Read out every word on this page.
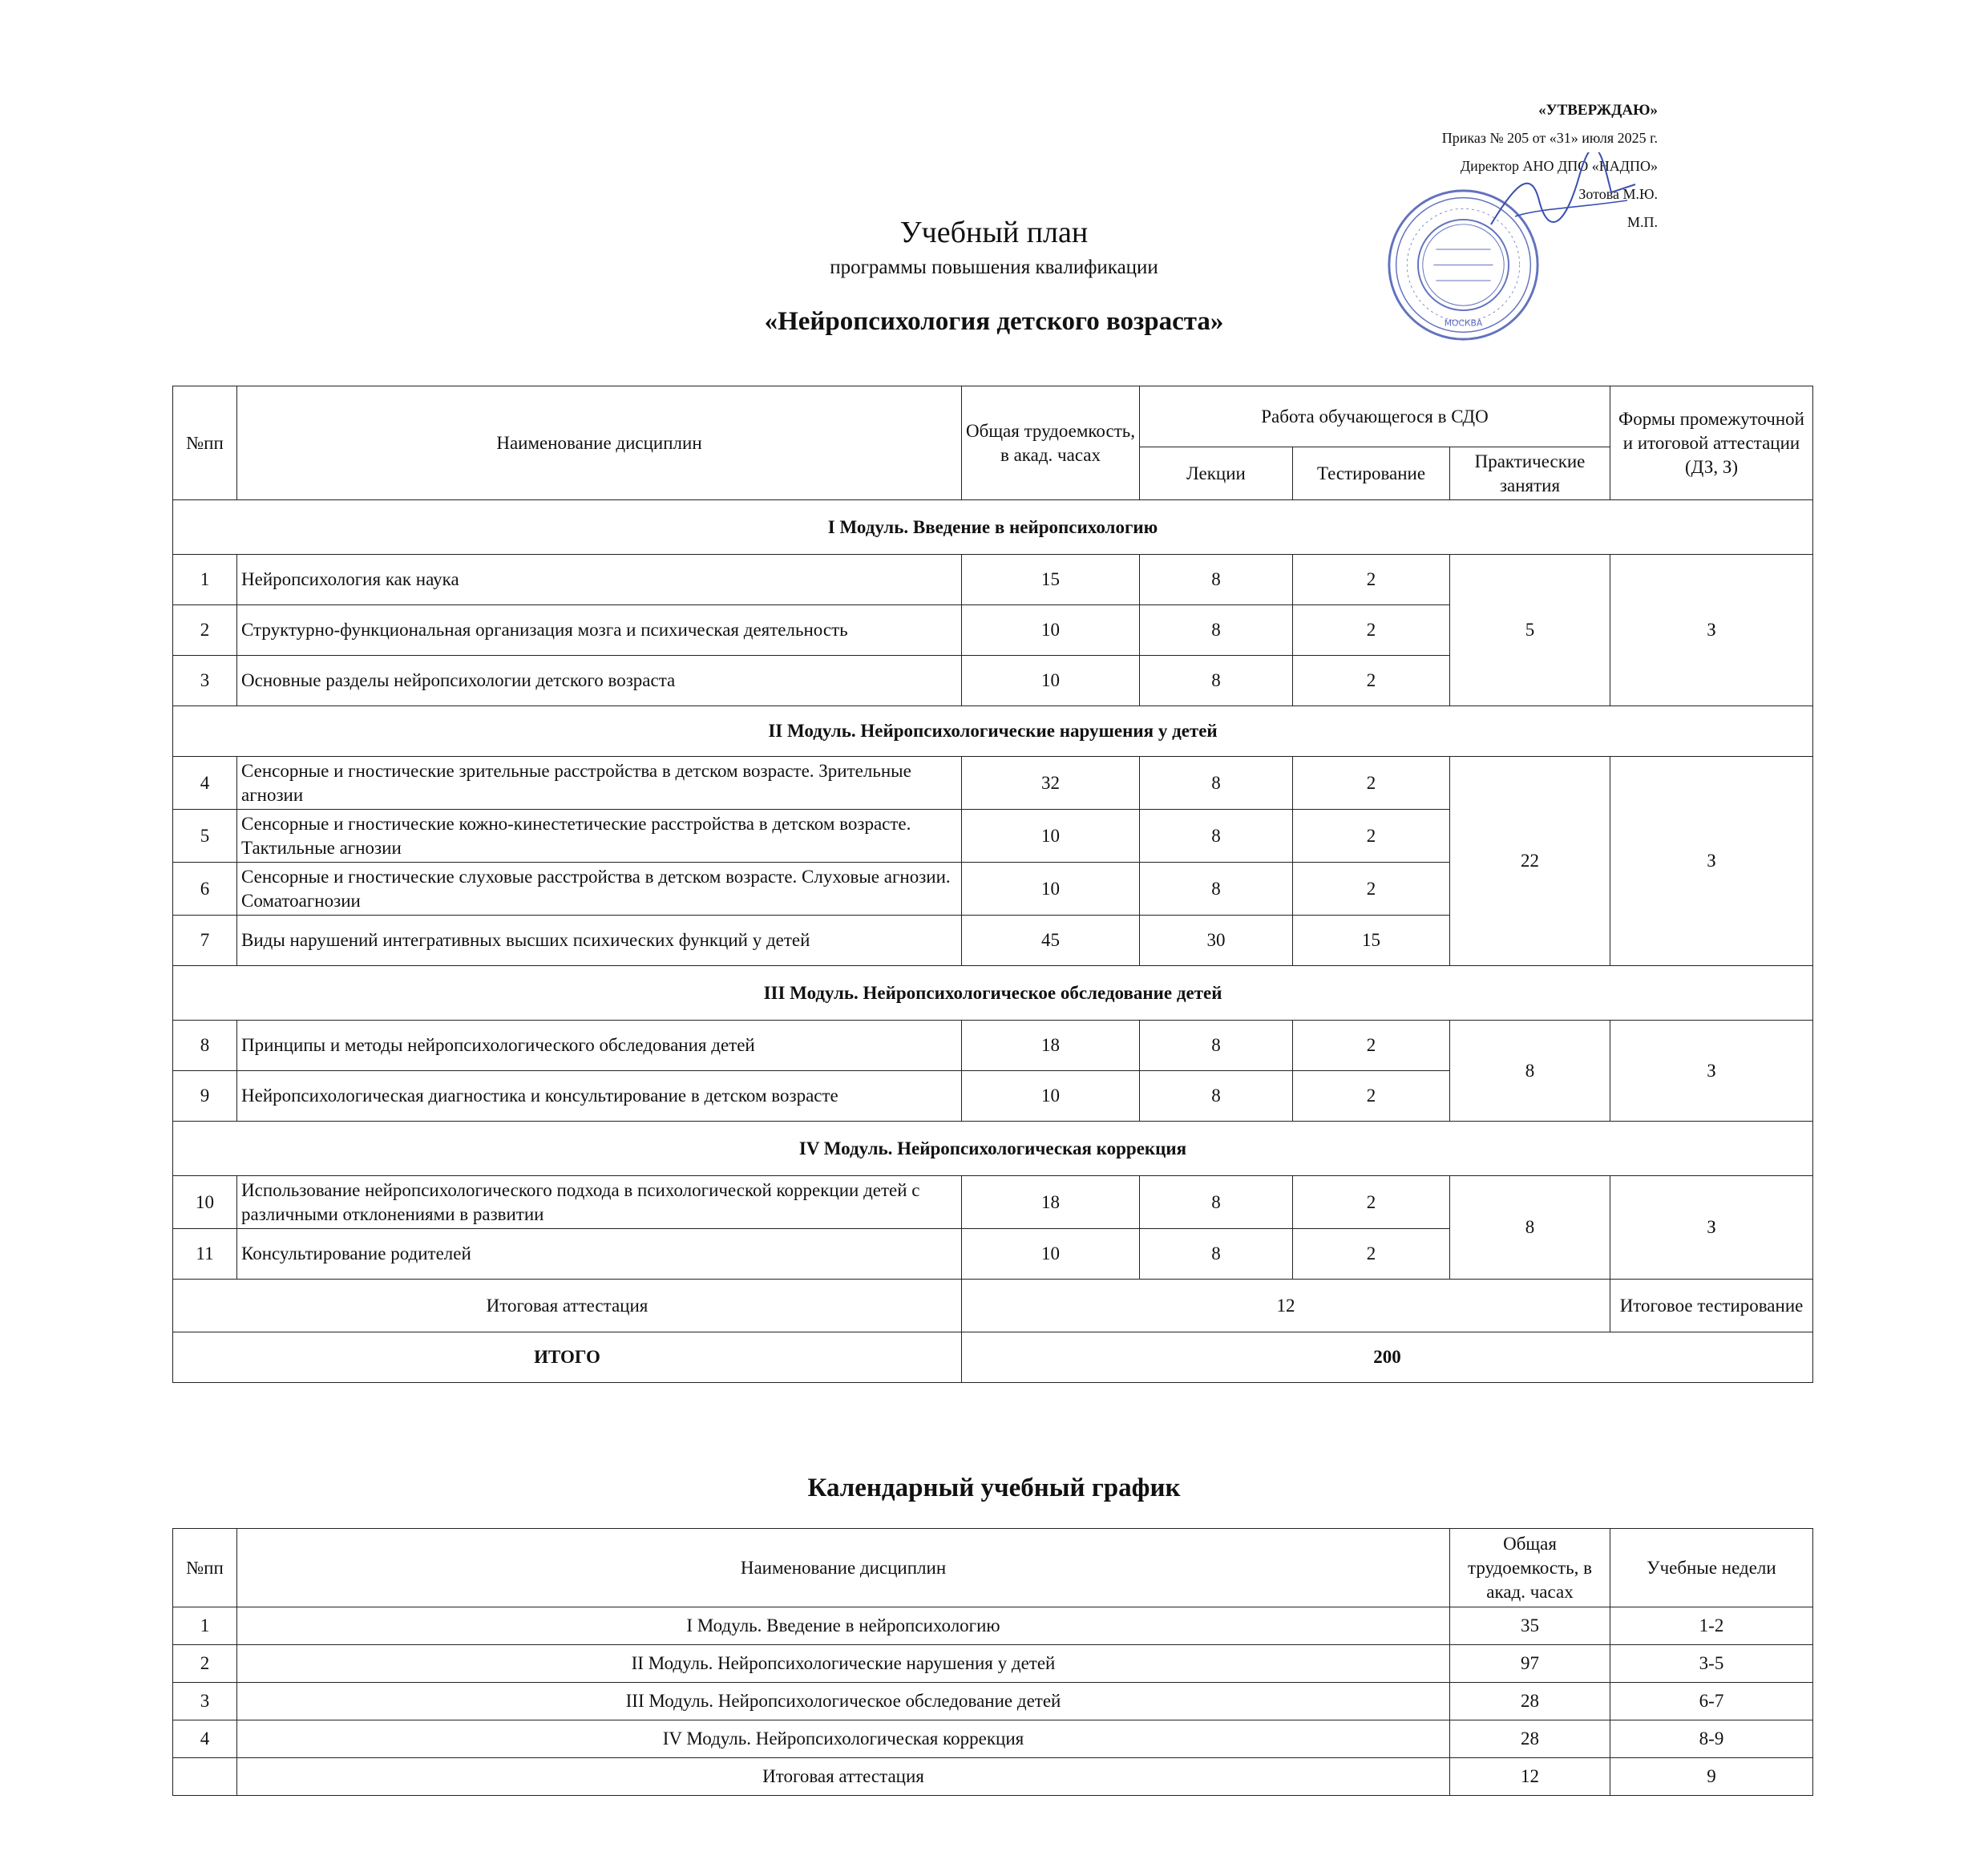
«УТВЕРЖДАЮ»
Приказ № 205 от «31» июля 2025 г.
Директор АНО ДПО «НАДПО»
Зотова М.Ю.
М.П.
МОСКВА
Учебный план
программы повышения квалификации
«Нейропсихология детского возраста»
№пп	Наименование дисциплин	Общая трудоемкость, в акад. часах	Работа обучающегося в СДО			Формы промежуточной и итоговой аттестации (ДЗ, З)
			Лекции	Тестирование	Практические занятия	
I Модуль. Введение в нейропсихологию						
1	Нейропсихология как наука	15	8	2	5	З
2	Структурно-функциональная организация мозга и психическая деятельность	10	8	2		
3	Основные разделы нейропсихологии детского возраста	10	8	2		
II Модуль. Нейропсихологические нарушения у детей						
4	Сенсорные и гностические зрительные расстройства в детском возрасте. Зрительные агнозии	32	8	2	22	З
5	Сенсорные и гностические кожно-кинестетические расстройства в детском возрасте. Тактильные агнозии	10	8	2		
6	Сенсорные и гностические слуховые расстройства в детском возрасте. Слуховые агнозии. Соматоагнозии	10	8	2		
7	Виды нарушений интегративных высших психических функций у детей	45	30	15		
III Модуль. Нейропсихологическое обследование детей						
8	Принципы и методы нейропсихологического обследования детей	18	8	2	8	З
9	Нейропсихологическая диагностика и консультирование в детском возрасте	10	8	2		
IV Модуль. Нейропсихологическая коррекция						
10	Использование нейропсихологического подхода в психологической коррекции детей с различными отклонениями в развитии	18	8	2	8	З
11	Консультирование родителей	10	8	2		
Итоговая аттестация		12				Итоговое тестирование
ИТОГО		200				
Календарный учебный график
№пп	Наименование дисциплин	Общая трудоемкость, в акад. часах	Учебные недели
1	I Модуль. Введение в нейропсихологию	35	1-2
2	II Модуль. Нейропсихологические нарушения у детей	97	3-5
3	III Модуль. Нейропсихологическое обследование детей	28	6-7
4	IV Модуль. Нейропсихологическая коррекция	28	8-9
	Итоговая аттестация	12	9
